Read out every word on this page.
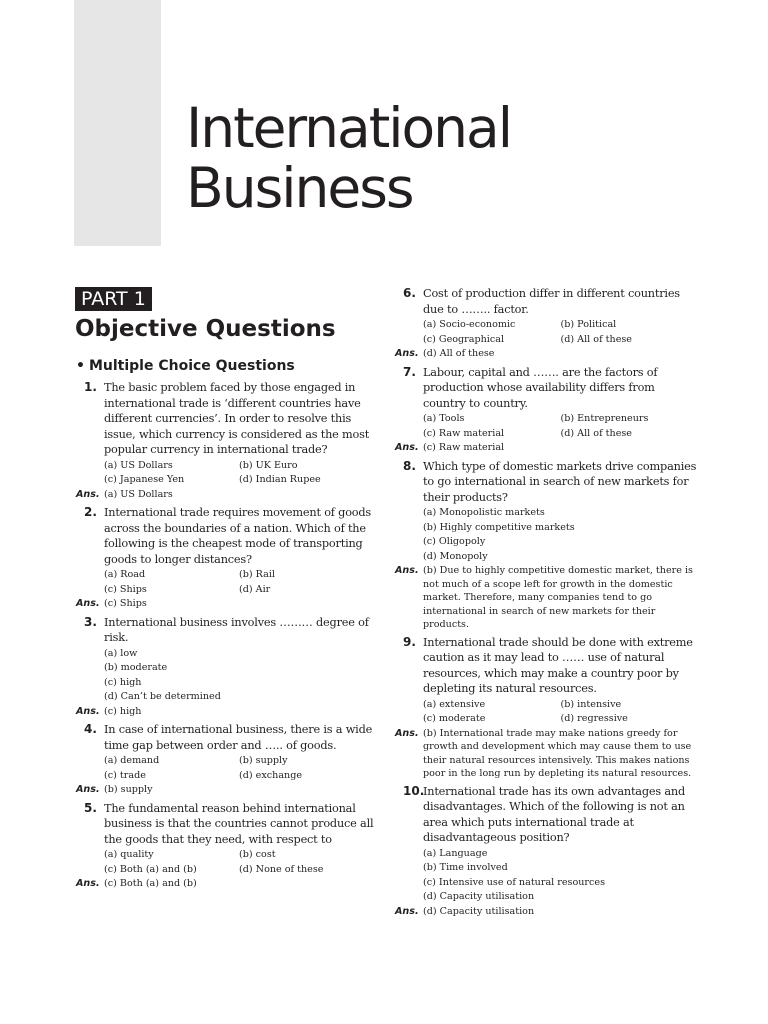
International
Business
PART 1
Objective Questions
• Multiple Choice Questions
1. The basic problem faced by those engaged in international trade is ‘different countries have different currencies’. In order to resolve this issue, which currency is considered as the most popular currency in international trade?
(a) US Dollars	(b) UK Euro
(c) Japanese Yen	(d) Indian Rupee
Ans. (a) US Dollars
2. International trade requires movement of goods across the boundaries of a nation. Which of the following is the cheapest mode of transporting goods to longer distances?
(a) Road	(b) Rail
(c) Ships	(d) Air
Ans. (c) Ships
3. International business involves ……… degree of risk.
(a) low
(b) moderate
(c) high
(d) Can’t be determined
Ans. (c) high
4. In case of international business, there is a wide time gap between order and ….. of goods.
(a) demand	(b) supply
(c) trade	(d) exchange
Ans. (b) supply
5. The fundamental reason behind international business is that the countries cannot produce all the goods that they need, with respect to
(a) quality	(b) cost
(c) Both (a) and (b)	(d) None of these
Ans. (c) Both (a) and (b)
6. Cost of production differ in different countries due to …….. factor.
(a) Socio-economic	(b) Political
(c) Geographical	(d) All of these
Ans. (d) All of these
7. Labour, capital and ……. are the factors of production whose availability differs from country to country.
(a) Tools	(b) Entrepreneurs
(c) Raw material	(d) All of these
Ans. (c) Raw material
8. Which type of domestic markets drive companies to go international in search of new markets for their products?
(a) Monopolistic markets
(b) Highly competitive markets
(c) Oligopoly
(d) Monopoly
Ans. (b) Due to highly competitive domestic market, there is not much of a scope left for growth in the domestic market. Therefore, many companies tend to go international in search of new markets for their products.
9. International trade should be done with extreme caution as it may lead to …… use of natural resources, which may make a country poor by depleting its natural resources.
(a) extensive	(b) intensive
(c) moderate	(d) regressive
Ans. (b) International trade may make nations greedy for growth and development which may cause them to use their natural resources intensively. This makes nations poor in the long run by depleting its natural resources.
10.
International trade has its own advantages and disadvantages. Which of the following is not an area which puts international trade at disadvantageous position?
(a) Language
(b) Time involved
(c) Intensive use of natural resources
(d) Capacity utilisation
Ans. (d) Capacity utilisation
